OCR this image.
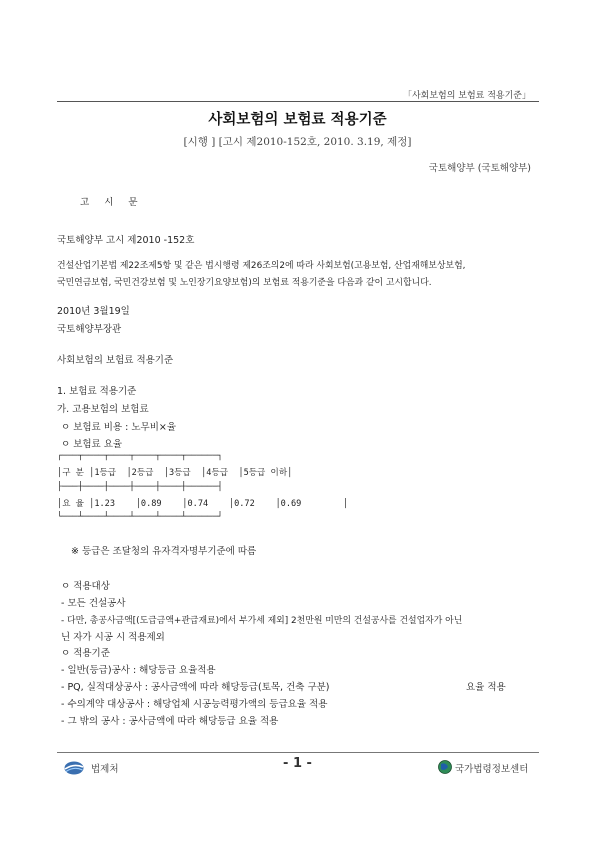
「사회보험의 보험료 적용기준」
사회보험의 보험료 적용기준
[시행 ] [고시 제2010-152호, 2010. 3.19, 제정]
국토해양부 (국토해양부)
고 시 문
국토해양부 고시 제2010 -152호
건설산업기본법 제22조제5항 및 같은 법시행령 제26조의2에 따라 사회보험(고용보험, 산업재해보상보험,
국민연금보험, 국민건강보험 및 노인장기요양보험)의 보험료 적용기준을 다음과 같이 고시합니다.
2010년 3월19일
국토해양부장관
사회보험의 보험료 적용기준
1. 보험료 적용기준
가. 고용보험의 보험료
ㅇ 보험료 비용 : 노무비×율
ㅇ 보험료 요율
┌───┬────┬────┬────┬────┬──────┐
│구 분 │1등급  │2등급  │3등급  │4등급  │5등급 이하│
├───┼────┼────┼────┼────┼──────┤
│요 율 │1.23    │0.89    │0.74    │0.72    │0.69        │
└───┴────┴────┴────┴────┴──────┘
※ 등급은 조달청의 유자격자명부기준에 따름
ㅇ 적용대상
- 모든 건설공사
- 다만, 총공사금액[(도급금액+관급재료)에서 부가세 제외] 2천만원 미만의 건설공사를 건설업자가 아닌
닌 자가 시공 시 적용제외
ㅇ 적용기준
- 일반(등급)공사 : 해당등급 요율적용
- PQ, 실적대상공사 : 공사금액에 따라 해당등급(토목, 건축 구분)	요율 적용
- 수의계약 대상공사 : 해당업체 시공능력평가액의 등급요율 적용
- 그 밖의 공사 : 공사금액에 따라 해당등급 요율 적용
법제처	- 1 -	국가법령정보센터
